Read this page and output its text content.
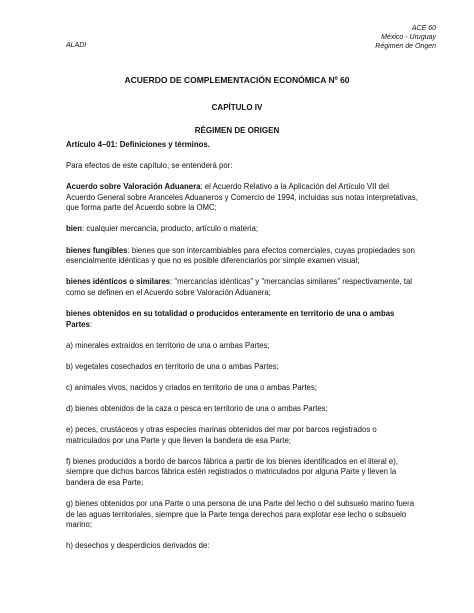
ACE 60
México - Uruguay
Régimen de Origen
ALADI
ACUERDO DE COMPLEMENTACIÓN ECONÓMICA Nº 60
CAPÍTULO IV
RÉGIMEN DE ORIGEN

Artículo 4–01: Definiciones y términos.

Para efectos de este capítulo, se entenderá por:

Acuerdo sobre Valoración Aduanera: el Acuerdo Relativo a la Aplicación del Artículo VII del Acuerdo General sobre Aranceles Aduaneros y Comercio de 1994, incluidas sus notas interpretativas, que forma parte del Acuerdo sobre la OMC;

bien: cualquier mercancía, producto, artículo o materia;

bienes fungibles: bienes que son intercambiables para efectos comerciales, cuyas propiedades son esencialmente idénticas y que no es posible diferenciarlos por simple examen visual;

bienes idénticos o similares: "mercancías idénticas" y "mercancías similares" respectivamente, tal como se definen en el Acuerdo sobre Valoración Aduanera;

bienes obtenidos en su totalidad o producidos enteramente en territorio de una o ambas Partes:

a) minerales extraídos en territorio de una o ambas Partes;

b) vegetales cosechados en territorio de una o ambas Partes;

c) animales vivos, nacidos y criados en territorio de una o ambas Partes;

d) bienes obtenidos de la caza o pesca en territorio de una o ambas Partes;

e) peces, crustáceos y otras especies marinas obtenidos del mar por barcos registrados o matriculados por una Parte y que lleven la bandera de esa Parte;

f) bienes producidos a bordo de barcos fábrica a partir de los bienes identificados en el literal e), siempre que dichos barcos fábrica estén registrados o matriculados por alguna Parte y lleven la bandera de esa Parte;

g) bienes obtenidos por una Parte o una persona de una Parte del lecho o del subsuelo marino fuera de las aguas territoriales, siempre que la Parte tenga derechos para explotar ese lecho o subsuelo marino;

h) desechos y desperdicios derivados de:
